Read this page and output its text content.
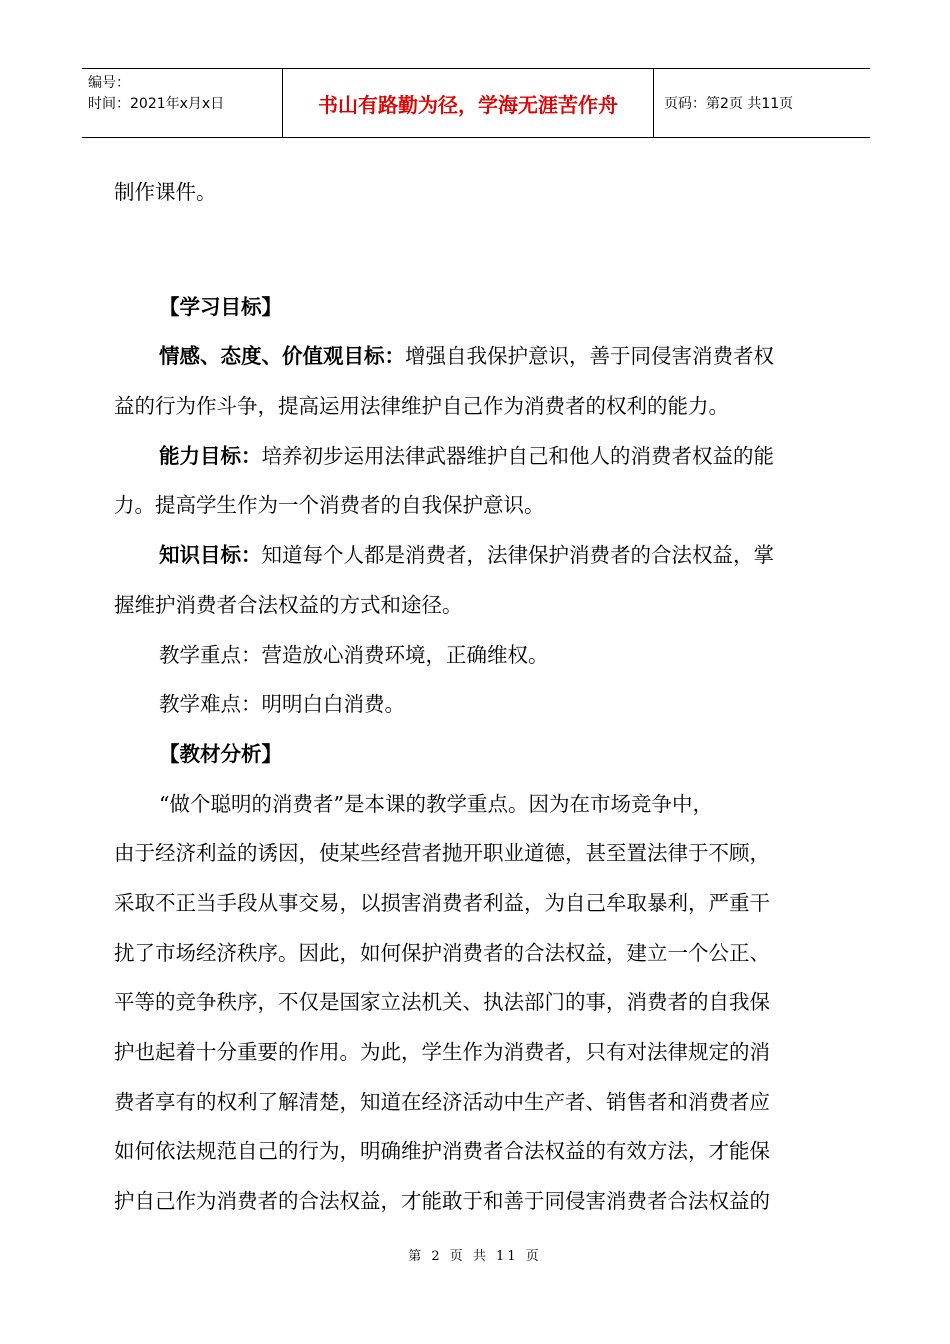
编号：
时间：2021年x月x日	书山有路勤为径，学海无涯苦作舟	页码：第2页 共11页
制作课件。
【学习目标】
情感、态度、价值观目标：增强自我保护意识，善于同侵害消费者权
益的行为作斗争，提高运用法律维护自己作为消费者的权利的能力。
能力目标：培养初步运用法律武器维护自己和他人的消费者权益的能
力。提高学生作为一个消费者的自我保护意识。
知识目标：知道每个人都是消费者，法律保护消费者的合法权益，掌
握维护消费者合法权益的方式和途径。
教学重点：营造放心消费环境，正确维权。
教学难点：明明白白消费。
【教材分析】
“做个聪明的消费者”是本课的教学重点。因为在市场竞争中，
由于经济利益的诱因，使某些经营者抛开职业道德，甚至置法律于不顾，
采取不正当手段从事交易，以损害消费者利益，为自己牟取暴利，严重干
扰了市场经济秩序。因此，如何保护消费者的合法权益，建立一个公正、
平等的竞争秩序，不仅是国家立法机关、执法部门的事，消费者的自我保
护也起着十分重要的作用。为此，学生作为消费者，只有对法律规定的消
费者享有的权利了解清楚，知道在经济活动中生产者、销售者和消费者应
如何依法规范自己的行为，明确维护消费者合法权益的有效方法，才能保
护自己作为消费者的合法权益，才能敢于和善于同侵害消费者合法权益的
第 2 页 共 11 页
